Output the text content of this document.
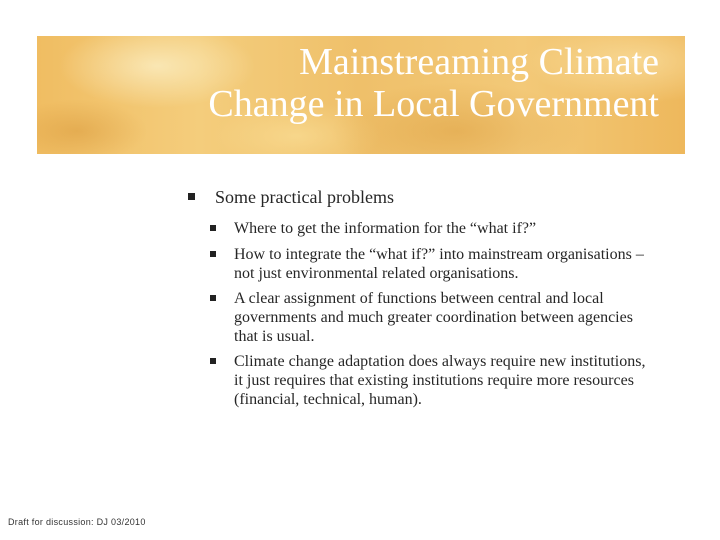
Mainstreaming Climate
Change in Local Government
Some practical problems
Where to get the information for the “what if?”
How to integrate the “what if?” into mainstream organisations – not just environmental related organisations.
A clear assignment of functions between central and local governments and much greater coordination between agencies that is usual.
Climate change adaptation does always require new institutions, it just requires that existing institutions require more resources (financial, technical, human).
Draft for discussion: DJ 03/2010
